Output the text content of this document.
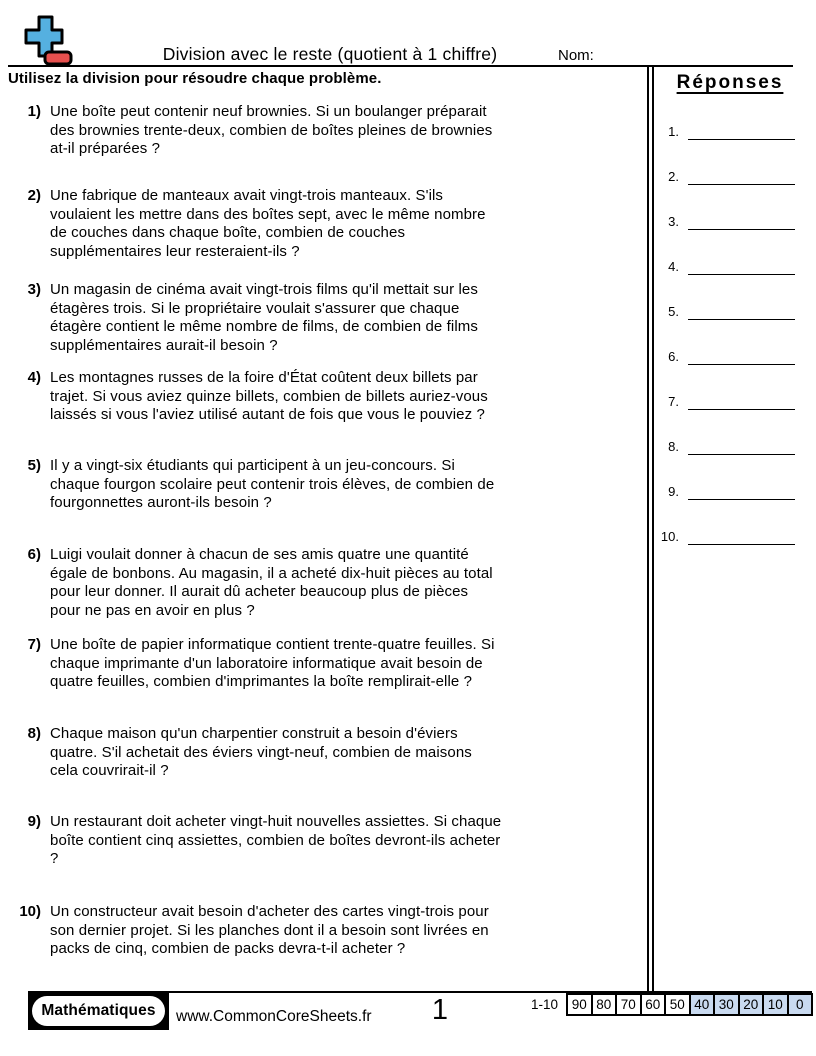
Division avec le reste (quotient à 1 chiffre)	Nom:
Utilisez la division pour résoudre chaque problème.
1) Une boîte peut contenir neuf brownies. Si un boulanger préparait des brownies trente-deux, combien de boîtes pleines de brownies at-il préparées ?
2) Une fabrique de manteaux avait vingt-trois manteaux. S'ils voulaient les mettre dans des boîtes sept, avec le même nombre de couches dans chaque boîte, combien de couches supplémentaires leur resteraient-ils ?
3) Un magasin de cinéma avait vingt-trois films qu'il mettait sur les étagères trois. Si le propriétaire voulait s'assurer que chaque étagère contient le même nombre de films, de combien de films supplémentaires aurait-il besoin ?
4) Les montagnes russes de la foire d'État coûtent deux billets par trajet. Si vous aviez quinze billets, combien de billets auriez-vous laissés si vous l'aviez utilisé autant de fois que vous le pouviez ?
5) Il y a vingt-six étudiants qui participent à un jeu-concours. Si chaque fourgon scolaire peut contenir trois élèves, de combien de fourgonnettes auront-ils besoin ?
6) Luigi voulait donner à chacun de ses amis quatre une quantité égale de bonbons. Au magasin, il a acheté dix-huit pièces au total pour leur donner. Il aurait dû acheter beaucoup plus de pièces pour ne pas en avoir en plus ?
7) Une boîte de papier informatique contient trente-quatre feuilles. Si chaque imprimante d'un laboratoire informatique avait besoin de quatre feuilles, combien d'imprimantes la boîte remplirait-elle ?
8) Chaque maison qu'un charpentier construit a besoin d'éviers quatre. S'il achetait des éviers vingt-neuf, combien de maisons cela couvrirait-il ?
9) Un restaurant doit acheter vingt-huit nouvelles assiettes. Si chaque boîte contient cinq assiettes, combien de boîtes devront-ils acheter ?
10) Un constructeur avait besoin d'acheter des cartes vingt-trois pour son dernier projet. Si les planches dont il a besoin sont livrées en packs de cinq, combien de packs devra-t-il acheter ?
Réponses
1.
2.
3.
4.
5.
6.
7.
8.
9.
10.
Mathématiques	www.CommonCoreSheets.fr	1	1-10	90 80 70 60 50 40 30 20 10 0
